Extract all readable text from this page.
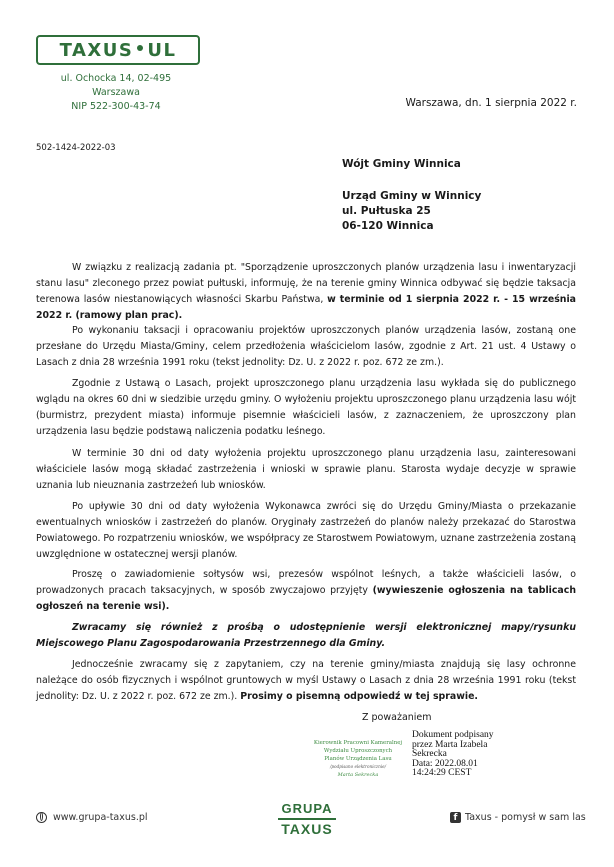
TAXUS UL
ul. Ochocka 14, 02-495 Warszawa
NIP 522-300-43-74	Warszawa, dn. 1 sierpnia 2022 r.
502-1424-2022-03
Wójt Gminy Winnica
Urząd Gminy w Winnicy
ul. Pułtuska 25
06-120 Winnica
W związku z realizacją zadania pt. "Sporządzenie uproszczonych planów urządzenia lasu i inwentaryzacji stanu lasu" zleconego przez powiat pułtuski, informuję, że na terenie gminy Winnica odbywać się będzie taksacja terenowa lasów niestanowiących własności Skarbu Państwa, w terminie od 1 sierpnia 2022 r. - 15 września 2022 r. (ramowy plan prac).
Po wykonaniu taksacji i opracowaniu projektów uproszczonych planów urządzenia lasów, zostaną one przesłane do Urzędu Miasta/Gminy, celem przedłożenia właścicielom lasów, zgodnie z Art. 21 ust. 4 Ustawy o Lasach z dnia 28 września 1991 roku (tekst jednolity: Dz. U. z 2022 r. poz. 672 ze zm.).
Zgodnie z Ustawą o Lasach, projekt uproszczonego planu urządzenia lasu wykłada się do publicznego wglądu na okres 60 dni w siedzibie urzędu gminy. O wyłożeniu projektu uproszczonego planu urządzenia lasu wójt (burmistrz, prezydent miasta) informuje pisemnie właścicieli lasów, z zaznaczeniem, że uproszczony plan urządzenia lasu będzie podstawą naliczenia podatku leśnego.
W terminie 30 dni od daty wyłożenia projektu uproszczonego planu urządzenia lasu, zainteresowani właściciele lasów mogą składać zastrzeżenia i wnioski w sprawie planu. Starosta wydaje decyzje w sprawie uznania lub nieuznania zastrzeżeń lub wniosków.
Po upływie 30 dni od daty wyłożenia Wykonawca zwróci się do Urzędu Gminy/Miasta o przekazanie ewentualnych wniosków i zastrzeżeń do planów. Oryginały zastrzeżeń do planów należy przekazać do Starostwa Powiatowego. Po rozpatrzeniu wniosków, we współpracy ze Starostwem Powiatowym, uznane zastrzeżenia zostaną uwzględnione w ostatecznej wersji planów.
Proszę o zawiadomienie sołtysów wsi, prezesów wspólnot leśnych, a także właścicieli lasów, o prowadzonych pracach taksacyjnych, w sposób zwyczajowo przyjęty (wywieszenie ogłoszenia na tablicach ogłoszeń na terenie wsi).
Zwracamy się również z prośbą o udostępnienie wersji elektronicznej mapy/rysunku Miejscowego Planu Zagospodarowania Przestrzennego dla Gminy.
Jednocześnie zwracamy się z zapytaniem, czy na terenie gminy/miasta znajdują się lasy ochronne należące do osób fizycznych i wspólnot gruntowych w myśl Ustawy o Lasach z dnia 28 września 1991 roku (tekst jednolity: Dz. U. z 2022 r. poz. 672 ze zm.). Prosimy o pisemną odpowiedź w tej sprawie.
Z poważaniem
Kierownik Pracowni Kameralnej
Wydziału Uproszczonych
Planów Urządzenia Lasu
/podpisano elektronicznie/
Marta Sekrecka
Dokument podpisany
przez Marta Izabela
Sekrecka
Data: 2022.08.01
14:24:29 CEST
www.grupa-taxus.pl
GRUPA
TAXUS
f Taxus - pomysł w sam las
